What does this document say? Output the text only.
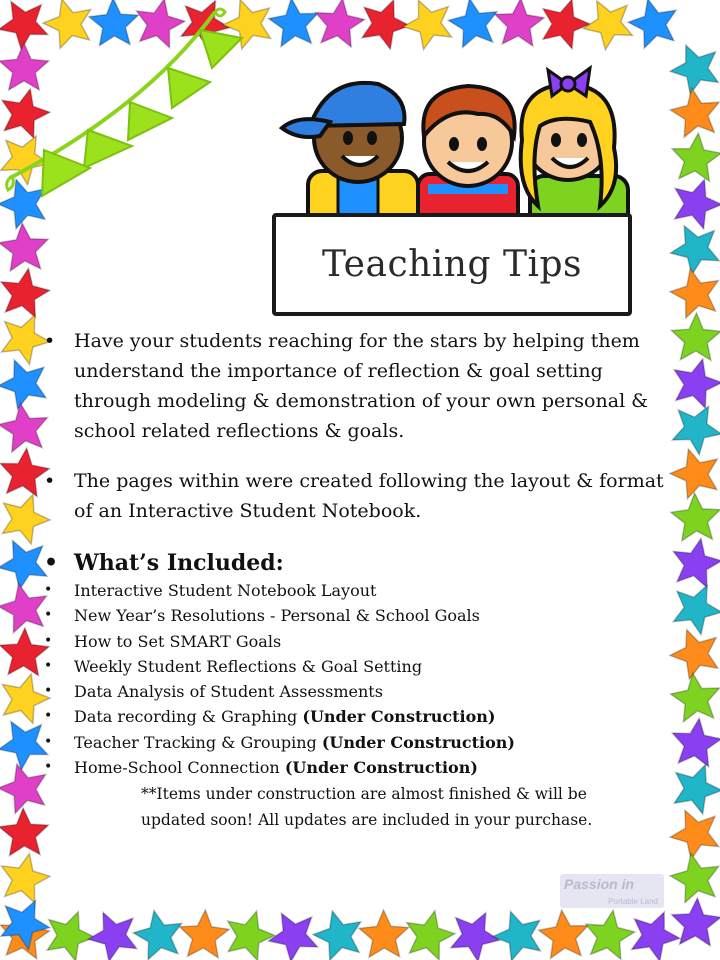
Teaching Tips
• Have your students reaching for the stars by helping them understand the importance of reflection & goal setting through modeling & demonstration of your own personal & school related reflections & goals.
• The pages within were created following the layout & format of an Interactive Student Notebook.
• What’s Included:
• Interactive Student Notebook Layout
• New Year’s Resolutions - Personal & School Goals
• How to Set SMART Goals
• Weekly Student Reflections & Goal Setting
• Data Analysis of Student Assessments
• Data recording & Graphing (Under Construction)
• Teacher Tracking & Grouping (Under Construction)
• Home-School Connection (Under Construction)
**Items under construction are almost finished & will be updated soon! All updates are included in your purchase.
Passion in
Portable Land
